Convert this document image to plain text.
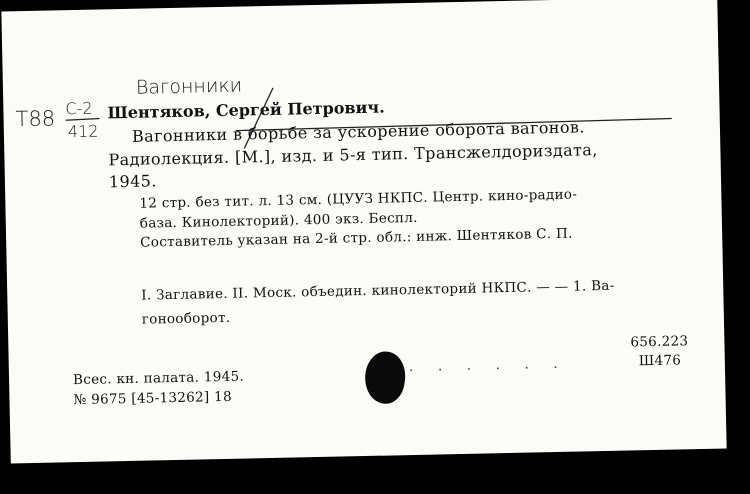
Вагонники
Т88 С-2
412
Шентяков, Сергей Петрович.
Вагонники в борьбе за ускорение оборота вагонов.
Радиолекция. [М.], изд. и 5-я тип. Трансжелдориздата,
1945.
12 стр. без тит. л. 13 см. (ЦУУЗ НКПС. Центр. кино-радио-
база. Кинолекторий). 400 экз. Беспл.
Составитель указан на 2-й стр. обл.: инж. Шентяков С. П.
I. Заглавие. II. Моск. объедин. кинолекторий НКПС. — — 1. Ва-
гонооборот.
Всес. кн. палата. 1945.
№ 9675 [45-13262] 18
656.223
Ш476
· · · · · ·
